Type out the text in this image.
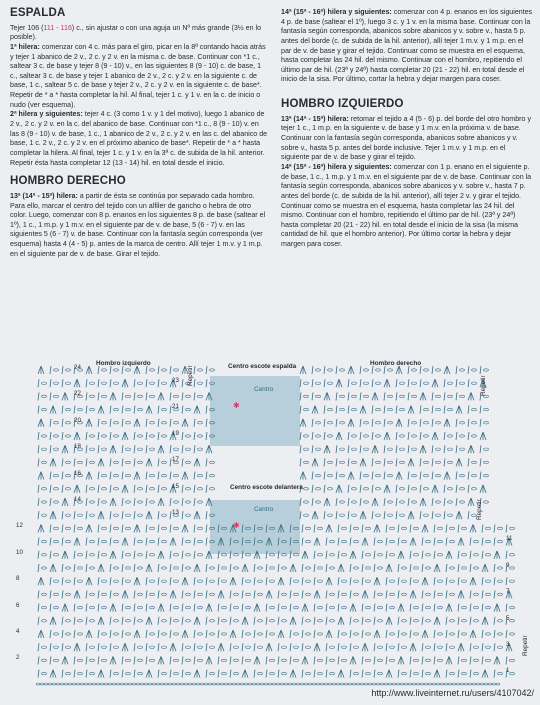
ESPALDA

Tejer 106 (111 - 116) c., sin ajustar o con una aguja un Nº más grande (3½ en lo posible).

1ª hilera: comenzar con 4 c. más para el giro, picar en la 8ª contando hacia atrás y tejer 1 abanico de 2 v., 2 c. y 2 v. en la misma c. de base. Continuar con *1 c., saltear 3 c. de base y tejer 8 (9 - 10) v., en las siguientes 8 (9 - 10) c. de base, 1 c., saltear 3 c. de base y tejer 1 abanico de 2 v., 2 c. y 2 v. en la siguiente c. de base, 1 c., saltear 5 c. de base y tejer 2 v., 2 c. y 2 v. en la siguiente c. de base*. Repetir de * a * hasta completar la hil. Al final, tejer 1 c. y 1 v. en la c. de inicio o nudo (ver esquema).

2ª hilera y siguientes: tejer 4 c. (3 como 1 v. y 1 del motivo), luego 1 abanico de 2 v., 2 c. y 2 v. en la c. del abanico de base. Continuar con *1 c., 8 (9 - 10) v. en las 8 (9 - 10) v. de base, 1 c., 1 abanico de 2 v., 2 c. y 2 v. en las c. del abanico de base, 1 c. 2 v., 2 c. y 2 v. en el próximo abanico de base*. Repetir de * a * hasta completar la hilera. Al final, tejer 1 c. y 1 v. en la 3ª c. de subida de la hil. anterior. Repetir ésta hasta completar 12 (13 - 14) hil. en total desde el inicio.

HOMBRO DERECHO

13ª (14ª - 15ª) hilera: a partir de ésta se continúa por separado cada hombro. Para ello, marcar el centro del tejido con un alfiler de gancho o hebra de otro color. Luego, comenzar con 8 p. enanos en los siguientes 8 p. de base (saltear el 1º), 1 c., 1 m.p. y 1 m.v. en el siguiente par de v. de base, 5 (6 - 7) v. en las siguientes 5 (6 - 7) v. de base. Continuar con la fantasía según corresponda (ver esquema) hasta 4 (4 - 5) p. antes de la marca de centro. Allí tejer 1 m.v. y 1 m.p. en el siguiente par de v. de base. Girar el tejido.

14ª (15ª - 16ª) hilera y siguientes: comenzar con 4 p. enanos en los siguientes 4 p. de base (saltear el 1º), luego 3 c. y 1 v. en la misma base. Continuar con la fantasía según corresponda, abanicos sobre abanicos y v. sobre v., hasta 5 p. antes del borde (c. de subida de la hil. anterior), allí tejer 1 m.v. y 1 m.p. en el par de v. de base y girar el tejido. Continuar como se muestra en el esquema, hasta completar las 24 hil. del mismo. Continuar con el hombro, repitiendo el último par de hil. (23ª y 24ª) hasta completar 20 (21 - 22) hil. en total desde el inicio de la sisa. Por último, cortar la hebra y dejar margen para coser.

HOMBRO IZQUIERDO

13ª (14ª - 15ª) hilera: retomar el tejido a 4 (5 - 6) p. del borde del otro hombro y tejer 1 c., 1 m.p. en la siguiente v. de base y 1 m.v. en la próxima v. de base. Continuar con la fantasía según corresponda, abanicos sobre abanicos y v. sobre v., hasta 5 p. antes del borde inclusive. Tejer 1 m.v. y 1 m.p. en el siguiente par de v. de base y girar el tejido.

14ª (15ª - 16ª) hilera y siguientes: comenzar con 1 p. enano en el siguiente p. de base, 1 c., 1 m.p. y 1 m.v. en el siguiente par de v. de base. Continuar con la fantasía según corresponda, abanicos sobre abanicos y v. sobre v., hasta 7 p. antes del borde (c. de subida de la hil. anterior), allí tejer 2 v. y girar el tejido. Continuar como se muestra en el esquema, hasta completar las 24 hil. del mismo. Continuar con el hombro, repitiendo el último par de hil. (23ª y 24ª) hasta completar 20 (21 - 22) hil. en total desde el inicio de la sisa (la misma cantidad de hil. que el hombro anterior). Por último cortar la hebra y dejar margen para coser.

✱
✱
Hombro izquierdo	Hombro derecho
Centro escote espalda
Centro escote delantera
Centro
Centro
Repetir	Repetir
Repetir
Repetir
24
22
20
18
16
14
12
10
8
6
4
2
23
21
19
17
15
13
11
9
7
5
3
1
http://www.liveinternet.ru/users/4107042/
